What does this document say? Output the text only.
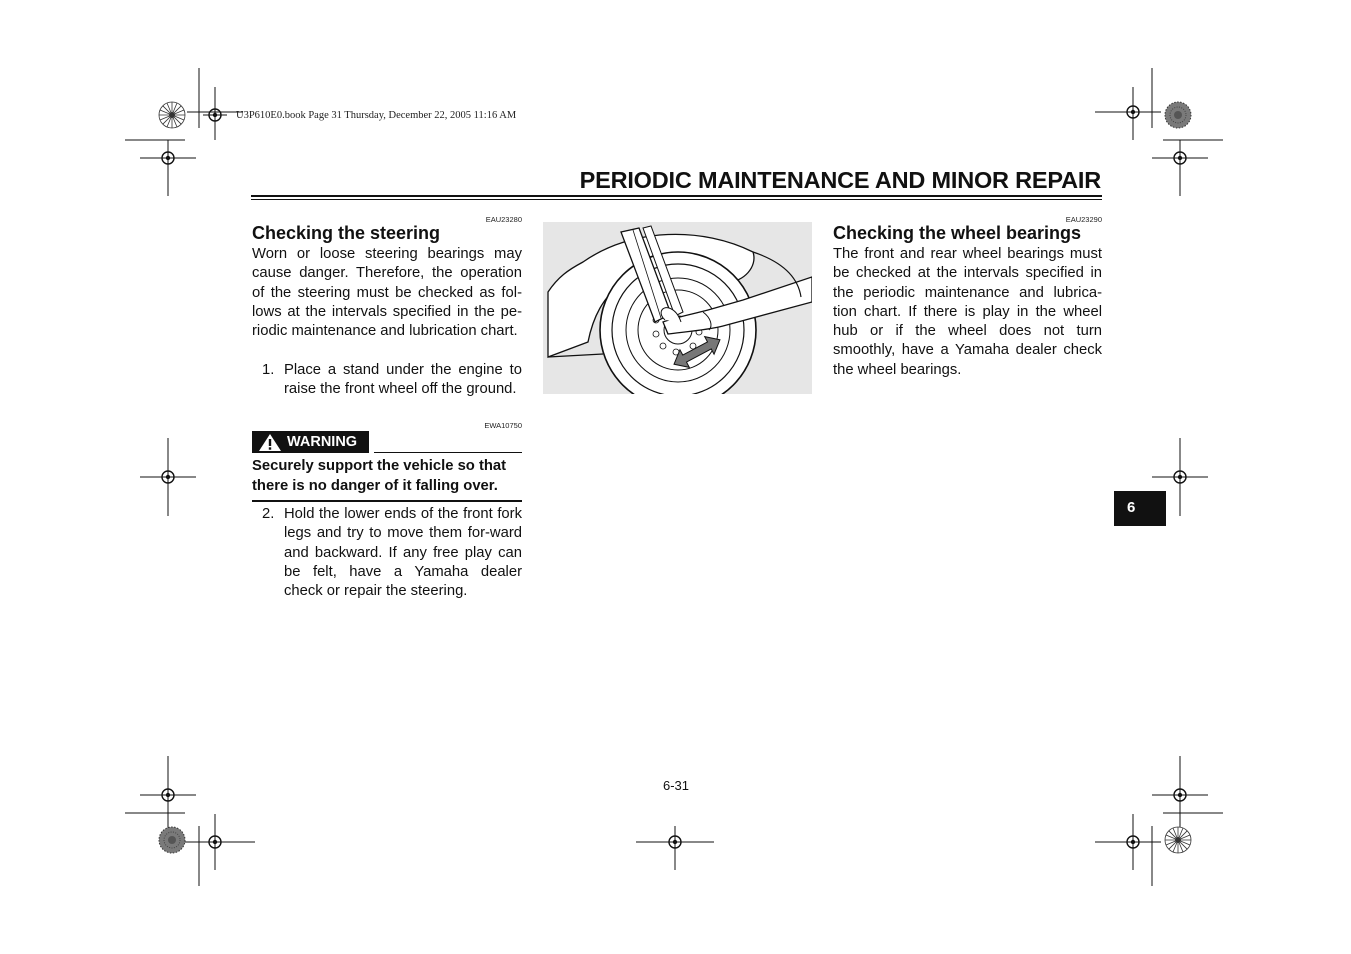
U3P610E0.book Page 31 Thursday, December 22, 2005 11:16 AM
PERIODIC MAINTENANCE AND MINOR REPAIR
EAU23280
Checking the steering
Worn or loose steering bearings may cause danger. Therefore, the operation of the steering must be checked as fol-lows at the intervals specified in the pe-riodic maintenance and lubrication chart.
1. Place a stand under the engine to raise the front wheel off the ground.
EWA10750
WARNING
Securely support the vehicle so that there is no danger of it falling over.
2. Hold the lower ends of the front fork legs and try to move them for-ward and backward. If any free play can be felt, have a Yamaha dealer check or repair the steering.
EAU23290
Checking the wheel bearings
The front and rear wheel bearings must be checked at the intervals specified in the periodic maintenance and lubrica-tion chart. If there is play in the wheel hub or if the wheel does not turn smoothly, have a Yamaha dealer check the wheel bearings.
6
6-31
